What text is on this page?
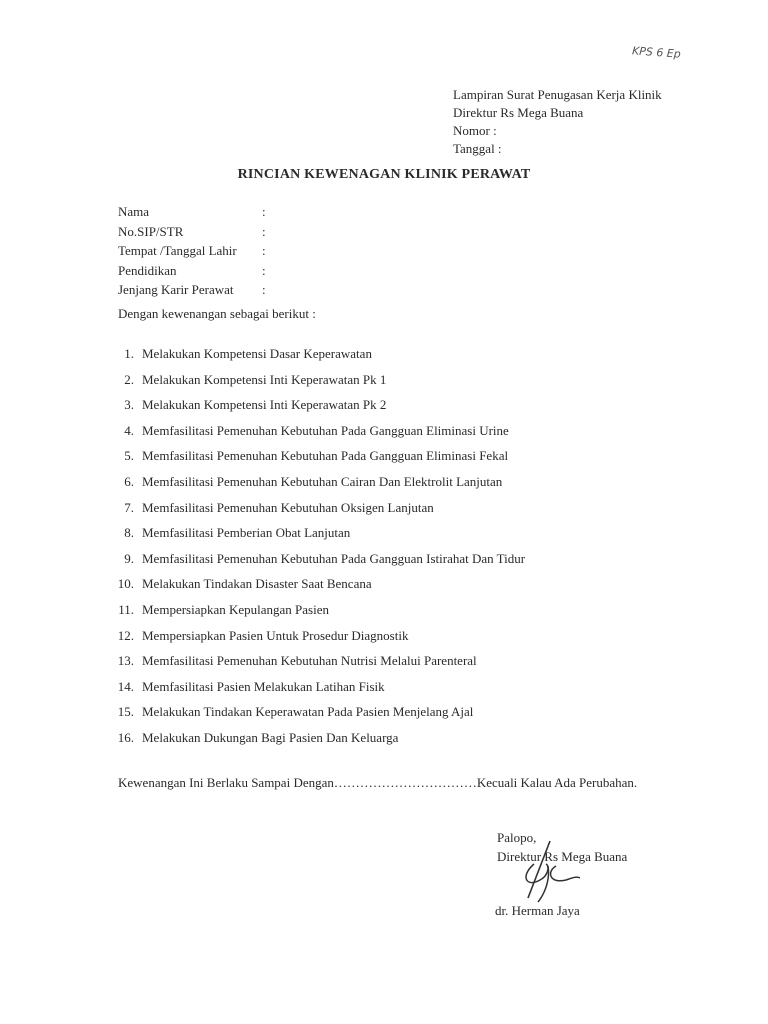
KPS 6 Ep
Lampiran Surat Penugasan Kerja Klinik
Direktur Rs Mega Buana
Nomor :
Tanggal :
RINCIAN KEWENAGAN KLINIK PERAWAT
Nama	:
No.SIP/STR	:
Tempat /Tanggal Lahir	:
Pendidikan	:
Jenjang Karir Perawat	:
Dengan kewenangan sebagai berikut :
1. Melakukan Kompetensi Dasar Keperawatan
2. Melakukan Kompetensi Inti Keperawatan Pk 1
3. Melakukan Kompetensi Inti Keperawatan Pk 2
4. Memfasilitasi Pemenuhan Kebutuhan Pada Gangguan Eliminasi Urine
5. Memfasilitasi Pemenuhan Kebutuhan Pada Gangguan Eliminasi Fekal
6. Memfasilitasi Pemenuhan Kebutuhan Cairan Dan Elektrolit Lanjutan
7. Memfasilitasi Pemenuhan Kebutuhan Oksigen Lanjutan
8. Memfasilitasi Pemberian Obat Lanjutan
9. Memfasilitasi Pemenuhan Kebutuhan Pada Gangguan Istirahat Dan Tidur
10. Melakukan Tindakan Disaster Saat Bencana
11. Mempersiapkan Kepulangan Pasien
12. Mempersiapkan Pasien Untuk Prosedur Diagnostik
13. Memfasilitasi Pemenuhan Kebutuhan Nutrisi Melalui Parenteral
14. Memfasilitasi Pasien Melakukan Latihan Fisik
15. Melakukan Tindakan Keperawatan Pada Pasien Menjelang Ajal
16. Melakukan Dukungan Bagi Pasien Dan Keluarga
Kewenangan Ini Berlaku Sampai Dengan……………………………Kecuali Kalau Ada Perubahan.
Palopo,
Direktur Rs Mega Buana
dr. Herman Jaya
